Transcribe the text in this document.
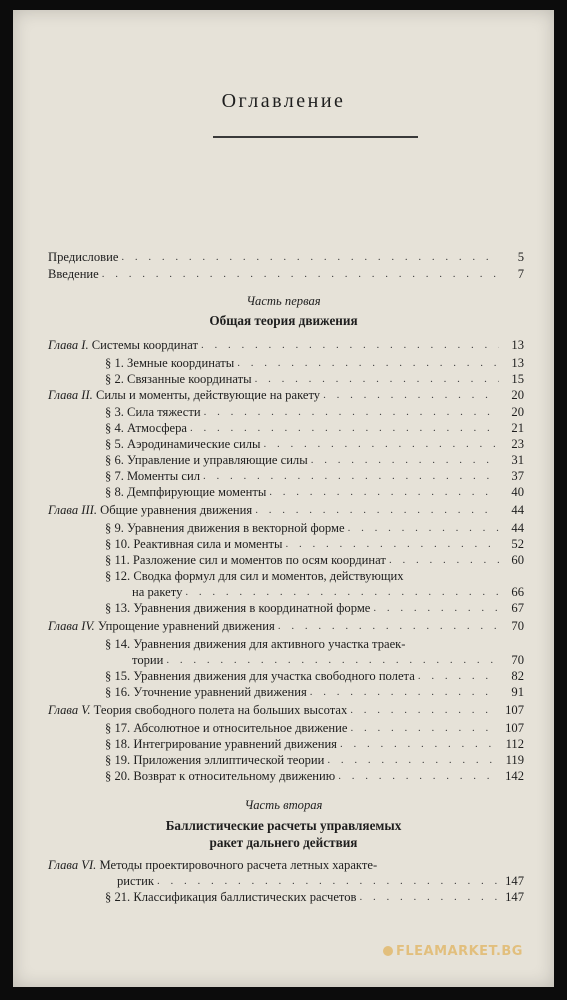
Оглавление
Предисловие . . .	5
Введение . . .	7
Часть первая
Общая теория движения
Глава I. Системы координат . . .	13
§ 1. Земные координаты . . .	13
§ 2. Связанные координаты . . .	15
Глава II. Силы и моменты, действующие на ракету . . .	20
§ 3. Сила тяжести . . .	20
§ 4. Атмосфера . . .	21
§ 5. Аэродинамические силы . . .	23
§ 6. Управление и управляющие силы . . .	31
§ 7. Моменты сил . . .	37
§ 8. Демпфирующие моменты . . .	40
Глава III. Общие уравнения движения . . .	44
§ 9. Уравнения движения в векторной форме . . .	44
§ 10. Реактивная сила и моменты . . .	52
§ 11. Разложение сил и моментов по осям координат . . .	60
§ 12. Сводка формул для сил и моментов, действующих
на ракету . . .	66
§ 13. Уравнения движения в координатной форме . . .	67
Глава IV. Упрощение уравнений движения . . .	70
§ 14. Уравнения движения для активного участка траек-
тории . . .	70
§ 15. Уравнения движения для участка свободного полета . . .	82
§ 16. Уточнение уравнений движения . . .	91
Глава V. Теория свободного полета на больших высотах . . .	107
§ 17. Абсолютное и относительное движение . . .	107
§ 18. Интегрирование уравнений движения . . .	112
§ 19. Приложения эллиптической теории . . .	119
§ 20. Возврат к относительному движению . . .	142
Часть вторая
Баллистические расчеты управляемых
ракет дальнего действия
Глава VI. Методы проектировочного расчета летных характе-
ристик . . .	147
§ 21. Классификация баллистических расчетов . . .	147
FLEAMARKET.BG
